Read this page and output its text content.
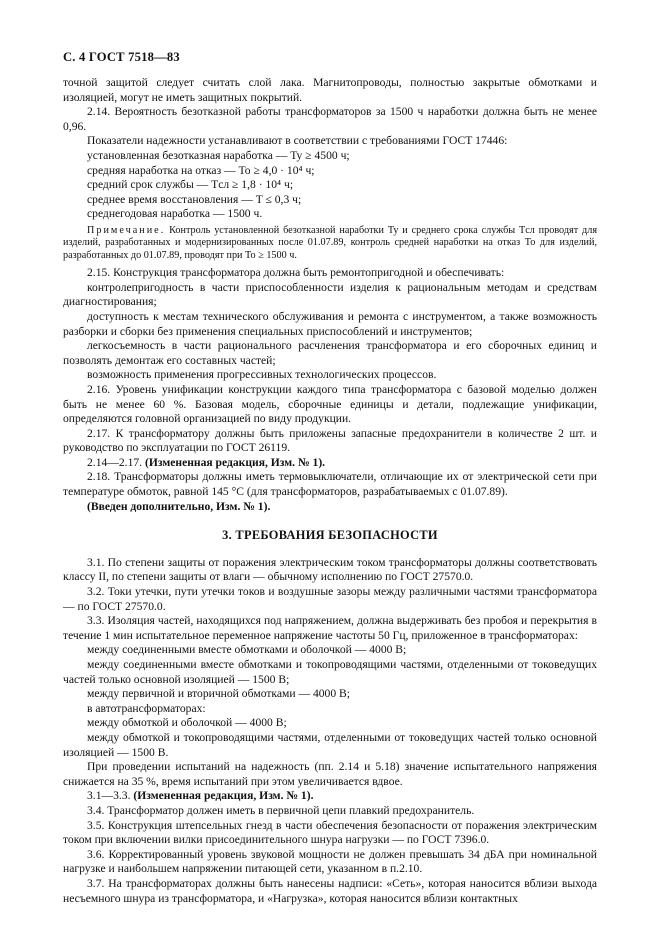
С. 4 ГОСТ 7518—83

точной защитой следует считать слой лака. Магнитопроводы, полностью закрытые обмотками и изоляцией, могут не иметь защитных покрытий.

2.14. Вероятность безотказной работы трансформаторов за 1500 ч наработки должна быть не менее 0,96.

Показатели надежности устанавливают в соответствии с требованиями ГОСТ 17446:

установленная безотказная наработка — Ty ≥ 4500 ч;

средняя наработка на отказ — To ≥ 4,0 · 10⁴ ч;

средний срок службы — Tсл ≥ 1,8 · 10⁴ ч;

среднее время восстановления — T ≤ 0,3 ч;

среднегодовая наработка — 1500 ч.

Примечание. Контроль установленной безотказной наработки Ty и среднего срока службы Tсл проводят для изделий, разработанных и модернизированных после 01.07.89, контроль средней наработки на отказ To для изделий, разработанных до 01.07.89, проводят при To ≥ 1500 ч.

2.15. Конструкция трансформатора должна быть ремонтопригодной и обеспечивать:

контролепригодность в части приспособленности изделия к рациональным методам и средствам диагностирования;

доступность к местам технического обслуживания и ремонта с инструментом, а также возможность разборки и сборки без применения специальных приспособлений и инструментов;

легкосъемность в части рационального расчленения трансформатора и его сборочных единиц и позволять демонтаж его составных частей;

возможность применения прогрессивных технологических процессов.

2.16. Уровень унификации конструкции каждого типа трансформатора с базовой моделью должен быть не менее 60 %. Базовая модель, сборочные единицы и детали, подлежащие унификации, определяются головной организацией по виду продукции.

2.17. К трансформатору должны быть приложены запасные предохранители в количестве 2 шт. и руководство по эксплуатации по ГОСТ 26119.

2.14—2.17. (Измененная редакция, Изм. № 1).

2.18. Трансформаторы должны иметь термовыключатели, отличающие их от электрической сети при температуре обмоток, равной 145 °С (для трансформаторов, разрабатываемых с 01.07.89).

(Введен дополнительно, Изм. № 1).

3. ТРЕБОВАНИЯ БЕЗОПАСНОСТИ

3.1. По степени защиты от поражения электрическим током трансформаторы должны соответствовать классу II, по степени защиты от влаги — обычному исполнению по ГОСТ 27570.0.

3.2. Токи утечки, пути утечки токов и воздушные зазоры между различными частями трансформатора — по ГОСТ 27570.0.

3.3. Изоляция частей, находящихся под напряжением, должна выдерживать без пробоя и перекрытия в течение 1 мин испытательное переменное напряжение частоты 50 Гц, приложенное в трансформаторах:

между соединенными вместе обмотками и оболочкой — 4000 В;

между соединенными вместе обмотками и токопроводящими частями, отделенными от токоведущих частей только основной изоляцией — 1500 В;

между первичной и вторичной обмотками — 4000 В;

в автотрансформаторах:

между обмоткой и оболочкой — 4000 В;

между обмоткой и токопроводящими частями, отделенными от токоведущих частей только основной изоляцией — 1500 В.

При проведении испытаний на надежность (пп. 2.14 и 5.18) значение испытательного напряжения снижается на 35 %, время испытаний при этом увеличивается вдвое.

3.1—3.3. (Измененная редакция, Изм. № 1).

3.4. Трансформатор должен иметь в первичной цепи плавкий предохранитель.

3.5. Конструкция штепсельных гнезд в части обеспечения безопасности от поражения электрическим током при включении вилки присоединительного шнура нагрузки — по ГОСТ 7396.0.

3.6. Корректированный уровень звуковой мощности не должен превышать 34 дБА при номинальной нагрузке и наибольшем напряжении питающей сети, указанном в п.2.10.

3.7. На трансформаторах должны быть нанесены надписи: «Сеть», которая наносится вблизи выхода несъемного шнура из трансформатора, и «Нагрузка», которая наносится вблизи контактных
